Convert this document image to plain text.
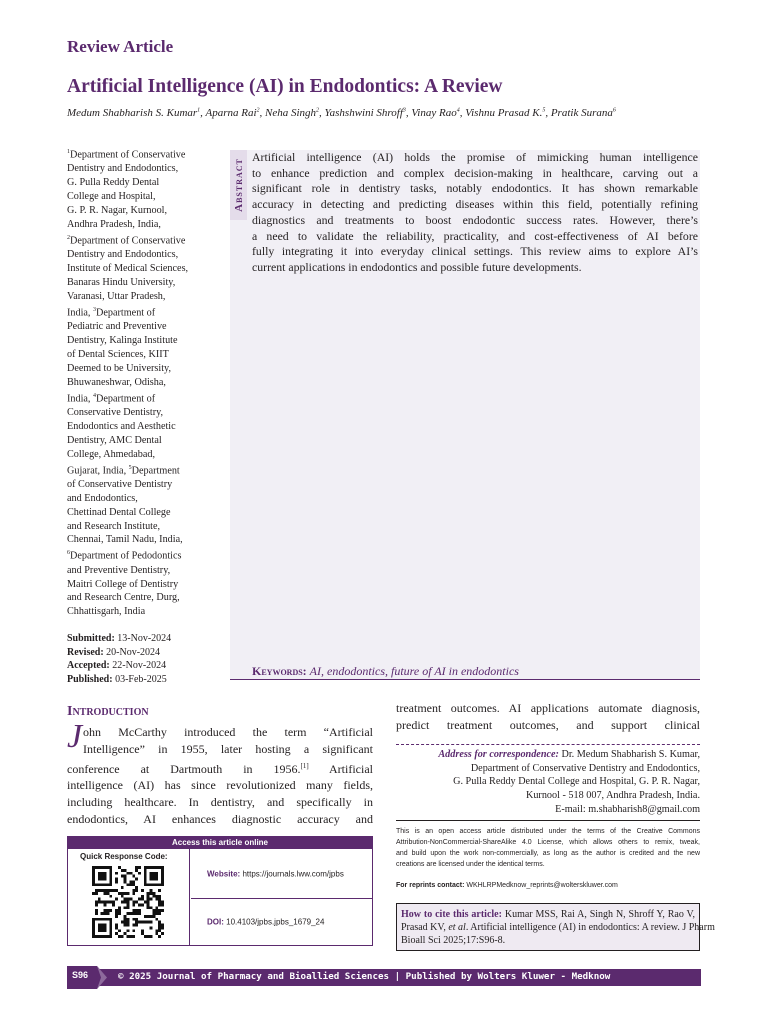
Review Article
Artificial Intelligence (AI) in Endodontics: A Review
Medum Shabharish S. Kumar$^1$, Aparna Rai$^2$, Neha Singh$^2$, Yashshwini Shroff$^3$, Vinay Rao$^4$, Vishnu Prasad K.$^5$, Pratik Surana$^6$
$^1$Department of Conservative
Dentistry and Endodontics,
G. Pulla Reddy Dental
College and Hospital,
G. P. R. Nagar, Kurnool,
Andhra Pradesh, India,
$^2$Department of Conservative
Dentistry and Endodontics,
Institute of Medical Sciences,
Banaras Hindu University,
Varanasi, Uttar Pradesh,
India, $^3$Department of
Pediatric and Preventive
Dentistry, Kalinga Institute
of Dental Sciences, KIIT
Deemed to be University,
Bhuwaneshwar, Odisha,
India, $^4$Department of
Conservative Dentistry,
Endodontics and Aesthetic
Dentistry, AMC Dental
College, Ahmedabad,
Gujarat, India, $^5$Department
of Conservative Dentistry
and Endodontics,
Chettinad Dental College
and Research Institute,
Chennai, Tamil Nadu, India,
$^6$Department of Pedodontics
and Preventive Dentistry,
Maitri College of Dentistry
and Research Centre, Durg,
Chhattisgarh, India
Submitted: 13-Nov-2024
Revised: 20-Nov-2024
Accepted: 22-Nov-2024
Published: 03-Feb-2025
Abstract
Artificial intelligence (AI) holds the promise of mimicking human intelligence
to enhance prediction and complex decision-making in healthcare, carving out a
significant role in dentistry tasks, notably endodontics. It has shown remarkable
accuracy in detecting and predicting diseases within this field, potentially refining
diagnostics and treatments to boost endodontic success rates. However, there’s
a need to validate the reliability, practicality, and cost-effectiveness of AI before
fully integrating it into everyday clinical settings. This review aims to explore AI’s
current applications in endodontics and possible future developments.
Keywords: AI, endodontics, future of AI in endodontics
Introduction
J ohn McCarthy introduced the term “Artificial
Intelligence” in 1955, later hosting a significant
conference at Dartmouth in 1956.[1] Artificial
intelligence (AI) has since revolutionized many fields,
including healthcare. In dentistry, and specifically in
endodontics, AI enhances diagnostic accuracy and
treatment outcomes. AI applications automate diagnosis,
predict treatment outcomes, and support clinical
Address for correspondence: Dr. Medum Shabharish S. Kumar,
Department of Conservative Dentistry and Endodontics,
G. Pulla Reddy Dental College and Hospital, G. P. R. Nagar,
Kurnool - 518 007, Andhra Pradesh, India.
E-mail: m.shabharish8@gmail.com
This is an open access article distributed under the terms of the Creative Commons
Attribution-NonCommercial-ShareAlike 4.0 License, which allows others to remix, tweak,
and build upon the work non-commercially, as long as the author is credited and the new
creations are licensed under the identical terms.
For reprints contact: WKHLRPMedknow_reprints@wolterskluwer.com
How to cite this article: Kumar MSS, Rai A, Singh N, Shroff Y, Rao V,
Prasad KV, et al. Artificial intelligence (AI) in endodontics: A review. J Pharm
Bioall Sci 2025;17:S96-8.
Access this article online
Quick Response Code:
Website: https://journals.lww.com/jpbs
DOI: 10.4103/jpbs.jpbs_1679_24
S96	© 2025 Journal of Pharmacy and Bioallied Sciences | Published by Wolters Kluwer - Medknow
